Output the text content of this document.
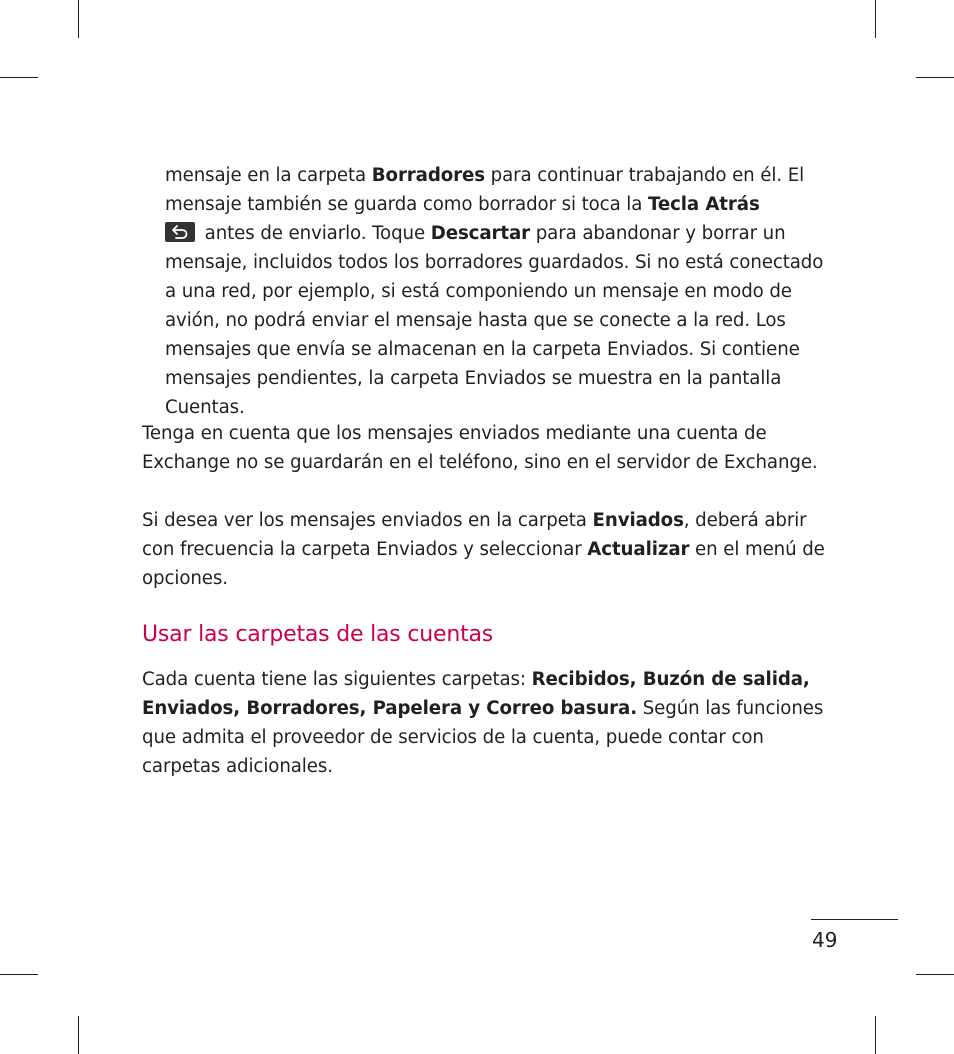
mensaje en la carpeta Borradores para continuar trabajando en él. El mensaje también se guarda como borrador si toca la Tecla Atrás

antes de enviarlo. Toque Descartar para abandonar y borrar un mensaje, incluidos todos los borradores guardados. Si no está conectado a una red, por ejemplo, si está componiendo un mensaje en modo de avión, no podrá enviar el mensaje hasta que se conecte a la red. Los mensajes que envía se almacenan en la carpeta Enviados. Si contiene mensajes pendientes, la carpeta Enviados se muestra en la pantalla Cuentas.

Tenga en cuenta que los mensajes enviados mediante una cuenta de Exchange no se guardarán en el teléfono, sino en el servidor de Exchange.

Si desea ver los mensajes enviados en la carpeta Enviados, deberá abrir con frecuencia la carpeta Enviados y seleccionar Actualizar en el menú de opciones.

Usar las carpetas de las cuentas

Cada cuenta tiene las siguientes carpetas: Recibidos, Buzón de salida, Enviados, Borradores, Papelera y Correo basura. Según las funciones que admita el proveedor de servicios de la cuenta, puede contar con carpetas adicionales.

49
